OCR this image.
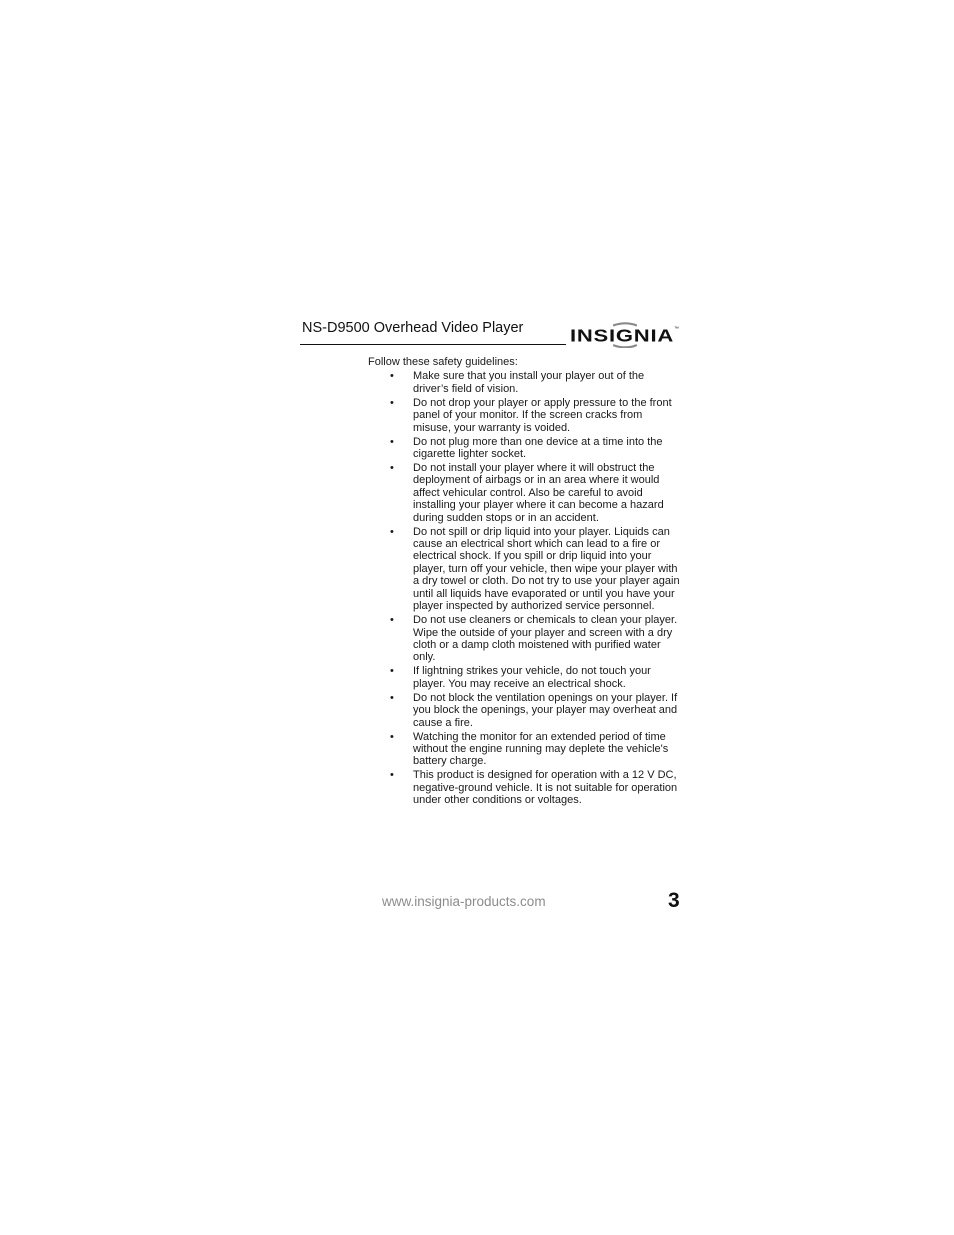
NS-D9500 Overhead Video Player	INSIGNIA ™

Follow these safety guidelines:

• Make sure that you install your player out of the driver’s field of vision.
• Do not drop your player or apply pressure to the front panel of your monitor. If the screen cracks from misuse, your warranty is voided.
• Do not plug more than one device at a time into the cigarette lighter socket.
• Do not install your player where it will obstruct the deployment of airbags or in an area where it would affect vehicular control. Also be careful to avoid installing your player where it can become a hazard during sudden stops or in an accident.
• Do not spill or drip liquid into your player. Liquids can cause an electrical short which can lead to a fire or electrical shock. If you spill or drip liquid into your player, turn off your vehicle, then wipe your player with a dry towel or cloth. Do not try to use your player again until all liquids have evaporated or until you have your player inspected by authorized service personnel.
• Do not use cleaners or chemicals to clean your player. Wipe the outside of your player and screen with a dry cloth or a damp cloth moistened with purified water only.
• If lightning strikes your vehicle, do not touch your player. You may receive an electrical shock.
• Do not block the ventilation openings on your player. If you block the openings, your player may overheat and cause a fire.
• Watching the monitor for an extended period of time without the engine running may deplete the vehicle's battery charge.
• This product is designed for operation with a 12 V DC, negative-ground vehicle. It is not suitable for operation under other conditions or voltages.
www.insignia-products.com	3
